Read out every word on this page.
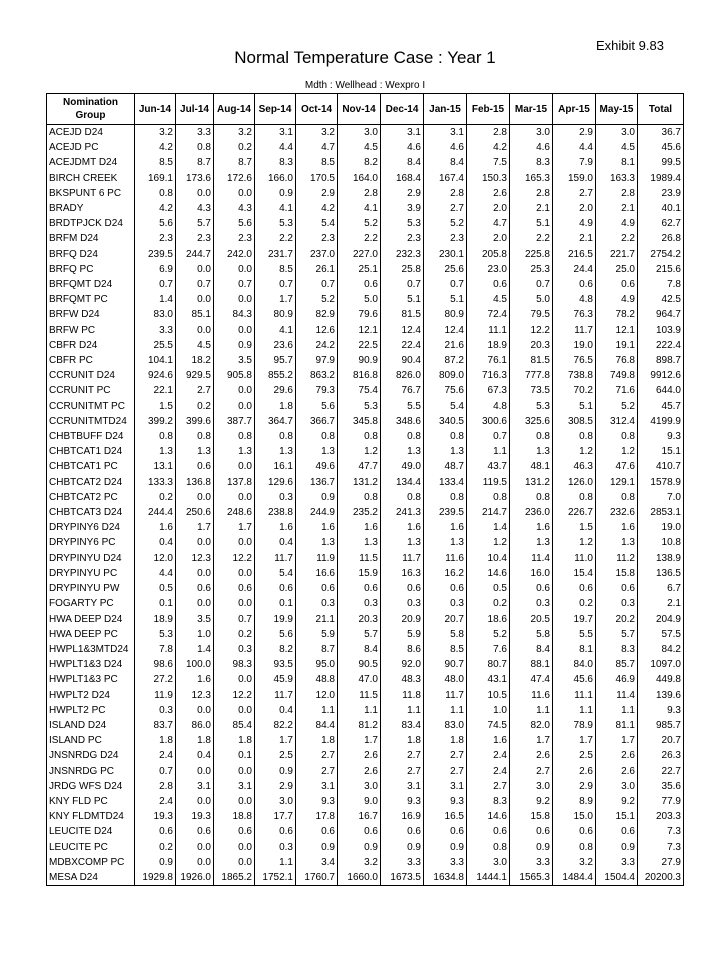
Exhibit 9.83
Normal Temperature Case : Year 1
Mdth : Wellhead : Wexpro I
Nomination Group	Jun-14	Jul-14	Aug-14	Sep-14	Oct-14	Nov-14	Dec-14	Jan-15	Feb-15	Mar-15	Apr-15	May-15	Total
ACEJD D24	3.2	3.3	3.2	3.1	3.2	3.0	3.1	3.1	2.8	3.0	2.9	3.0	36.7
ACEJD PC	4.2	0.8	0.2	4.4	4.7	4.5	4.6	4.6	4.2	4.6	4.4	4.5	45.6
ACEJDMT D24	8.5	8.7	8.7	8.3	8.5	8.2	8.4	8.4	7.5	8.3	7.9	8.1	99.5
BIRCH CREEK	169.1	173.6	172.6	166.0	170.5	164.0	168.4	167.4	150.3	165.3	159.0	163.3	1989.4
BKSPUNT 6 PC	0.8	0.0	0.0	0.9	2.9	2.8	2.9	2.8	2.6	2.8	2.7	2.8	23.9
BRADY	4.2	4.3	4.3	4.1	4.2	4.1	3.9	2.7	2.0	2.1	2.0	2.1	40.1
BRDTPJCK D24	5.6	5.7	5.6	5.3	5.4	5.2	5.3	5.2	4.7	5.1	4.9	4.9	62.7
BRFM D24	2.3	2.3	2.3	2.2	2.3	2.2	2.3	2.3	2.0	2.2	2.1	2.2	26.8
BRFQ D24	239.5	244.7	242.0	231.7	237.0	227.0	232.3	230.1	205.8	225.8	216.5	221.7	2754.2
BRFQ PC	6.9	0.0	0.0	8.5	26.1	25.1	25.8	25.6	23.0	25.3	24.4	25.0	215.6
BRFQMT D24	0.7	0.7	0.7	0.7	0.7	0.6	0.7	0.7	0.6	0.7	0.6	0.6	7.8
BRFQMT PC	1.4	0.0	0.0	1.7	5.2	5.0	5.1	5.1	4.5	5.0	4.8	4.9	42.5
BRFW D24	83.0	85.1	84.3	80.9	82.9	79.6	81.5	80.9	72.4	79.5	76.3	78.2	964.7
BRFW PC	3.3	0.0	0.0	4.1	12.6	12.1	12.4	12.4	11.1	12.2	11.7	12.1	103.9
CBFR D24	25.5	4.5	0.9	23.6	24.2	22.5	22.4	21.6	18.9	20.3	19.0	19.1	222.4
CBFR PC	104.1	18.2	3.5	95.7	97.9	90.9	90.4	87.2	76.1	81.5	76.5	76.8	898.7
CCRUNIT D24	924.6	929.5	905.8	855.2	863.2	816.8	826.0	809.0	716.3	777.8	738.8	749.8	9912.6
CCRUNIT PC	22.1	2.7	0.0	29.6	79.3	75.4	76.7	75.6	67.3	73.5	70.2	71.6	644.0
CCRUNITMT PC	1.5	0.2	0.0	1.8	5.6	5.3	5.5	5.4	4.8	5.3	5.1	5.2	45.7
CCRUNITMTD24	399.2	399.6	387.7	364.7	366.7	345.8	348.6	340.5	300.6	325.6	308.5	312.4	4199.9
CHBTBUFF D24	0.8	0.8	0.8	0.8	0.8	0.8	0.8	0.8	0.7	0.8	0.8	0.8	9.3
CHBTCAT1 D24	1.3	1.3	1.3	1.3	1.3	1.2	1.3	1.3	1.1	1.3	1.2	1.2	15.1
CHBTCAT1 PC	13.1	0.6	0.0	16.1	49.6	47.7	49.0	48.7	43.7	48.1	46.3	47.6	410.7
CHBTCAT2 D24	133.3	136.8	137.8	129.6	136.7	131.2	134.4	133.4	119.5	131.2	126.0	129.1	1578.9
CHBTCAT2 PC	0.2	0.0	0.0	0.3	0.9	0.8	0.8	0.8	0.8	0.8	0.8	0.8	7.0
CHBTCAT3 D24	244.4	250.6	248.6	238.8	244.9	235.2	241.3	239.5	214.7	236.0	226.7	232.6	2853.1
DRYPINY6 D24	1.6	1.7	1.7	1.6	1.6	1.6	1.6	1.6	1.4	1.6	1.5	1.6	19.0
DRYPINY6 PC	0.4	0.0	0.0	0.4	1.3	1.3	1.3	1.3	1.2	1.3	1.2	1.3	10.8
DRYPINYU D24	12.0	12.3	12.2	11.7	11.9	11.5	11.7	11.6	10.4	11.4	11.0	11.2	138.9
DRYPINYU PC	4.4	0.0	0.0	5.4	16.6	15.9	16.3	16.2	14.6	16.0	15.4	15.8	136.5
DRYPINYU PW	0.5	0.6	0.6	0.6	0.6	0.6	0.6	0.6	0.5	0.6	0.6	0.6	6.7
FOGARTY PC	0.1	0.0	0.0	0.1	0.3	0.3	0.3	0.3	0.2	0.3	0.2	0.3	2.1
HWA DEEP D24	18.9	3.5	0.7	19.9	21.1	20.3	20.9	20.7	18.6	20.5	19.7	20.2	204.9
HWA DEEP PC	5.3	1.0	0.2	5.6	5.9	5.7	5.9	5.8	5.2	5.8	5.5	5.7	57.5
HWPL1&3MTD24	7.8	1.4	0.3	8.2	8.7	8.4	8.6	8.5	7.6	8.4	8.1	8.3	84.2
HWPLT1&3 D24	98.6	100.0	98.3	93.5	95.0	90.5	92.0	90.7	80.7	88.1	84.0	85.7	1097.0
HWPLT1&3 PC	27.2	1.6	0.0	45.9	48.8	47.0	48.3	48.0	43.1	47.4	45.6	46.9	449.8
HWPLT2 D24	11.9	12.3	12.2	11.7	12.0	11.5	11.8	11.7	10.5	11.6	11.1	11.4	139.6
HWPLT2 PC	0.3	0.0	0.0	0.4	1.1	1.1	1.1	1.1	1.0	1.1	1.1	1.1	9.3
ISLAND D24	83.7	86.0	85.4	82.2	84.4	81.2	83.4	83.0	74.5	82.0	78.9	81.1	985.7
ISLAND PC	1.8	1.8	1.8	1.7	1.8	1.7	1.8	1.8	1.6	1.7	1.7	1.7	20.7
JNSNRDG D24	2.4	0.4	0.1	2.5	2.7	2.6	2.7	2.7	2.4	2.6	2.5	2.6	26.3
JNSNRDG PC	0.7	0.0	0.0	0.9	2.7	2.6	2.7	2.7	2.4	2.7	2.6	2.6	22.7
JRDG WFS D24	2.8	3.1	3.1	2.9	3.1	3.0	3.1	3.1	2.7	3.0	2.9	3.0	35.6
KNY FLD PC	2.4	0.0	0.0	3.0	9.3	9.0	9.3	9.3	8.3	9.2	8.9	9.2	77.9
KNY FLDMTD24	19.3	19.3	18.8	17.7	17.8	16.7	16.9	16.5	14.6	15.8	15.0	15.1	203.3
LEUCITE D24	0.6	0.6	0.6	0.6	0.6	0.6	0.6	0.6	0.6	0.6	0.6	0.6	7.3
LEUCITE PC	0.2	0.0	0.0	0.3	0.9	0.9	0.9	0.9	0.8	0.9	0.8	0.9	7.3
MDBXCOMP PC	0.9	0.0	0.0	1.1	3.4	3.2	3.3	3.3	3.0	3.3	3.2	3.3	27.9
MESA D24	1929.8	1926.0	1865.2	1752.1	1760.7	1660.0	1673.5	1634.8	1444.1	1565.3	1484.4	1504.4	20200.3
